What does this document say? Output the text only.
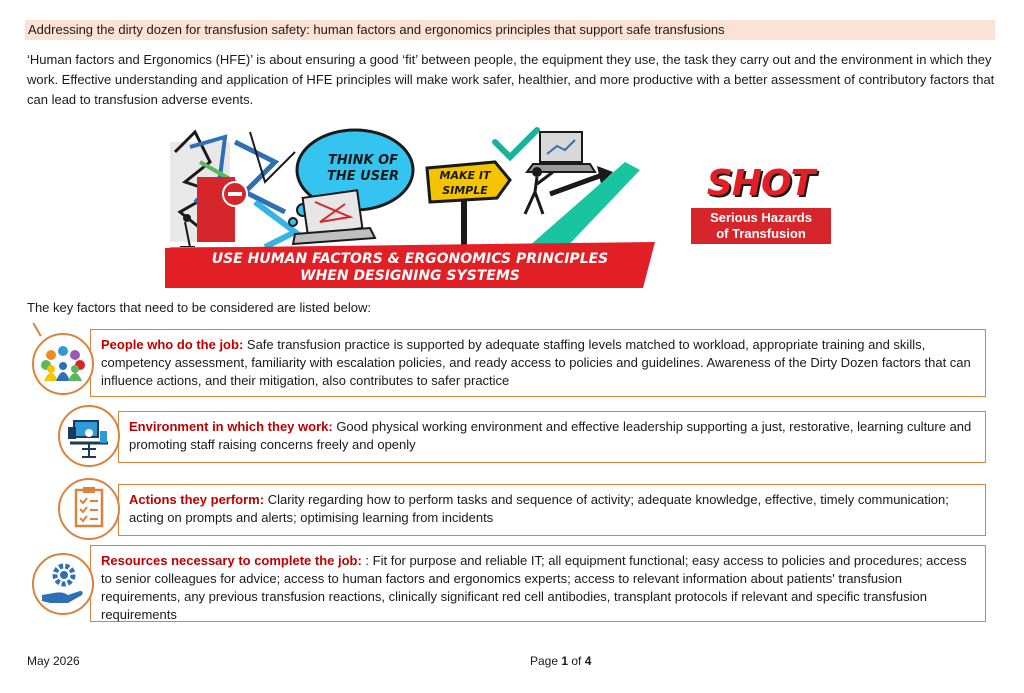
Addressing the dirty dozen for transfusion safety: human factors and ergonomics principles that support safe transfusions
‘Human factors and Ergonomics (HFE)’ is about ensuring a good ‘fit’ between people, the equipment they use, the task they carry out and the environment in which they work. Effective understanding and application of HFE principles will make work safer, healthier, and more productive with a better assessment of contributory factors that can lead to transfusion adverse events.
THINK OF
THE USER	MAKE IT
SIMPLE
USE HUMAN FACTORS & ERGONOMICS PRINCIPLES
WHEN DESIGNING SYSTEMS
SHOT
Serious Hazards
of Transfusion
The key factors that need to be considered are listed below:
People who do the job: Safe transfusion practice is supported by adequate staffing levels matched to workload, appropriate training and skills, competency assessment, familiarity with escalation policies, and ready access to policies and guidelines. Awareness of the Dirty Dozen factors that can influence actions, and their mitigation, also contributes to safer practice
Environment in which they work: Good physical working environment and effective leadership supporting a just, restorative, learning culture and promoting staff raising concerns freely and openly
Actions they perform: Clarity regarding how to perform tasks and sequence of activity; adequate knowledge, effective, timely communication; acting on prompts and alerts; optimising learning from incidents
Resources necessary to complete the job: : Fit for purpose and reliable IT; all equipment functional; easy access to policies and procedures; access to senior colleagues for advice; access to human factors and ergonomics experts; access to relevant information about patients' transfusion requirements, any previous transfusion reactions, clinically significant red cell antibodies, transplant protocols if relevant and specific transfusion requirements
May 2026	Page 1 of 4
